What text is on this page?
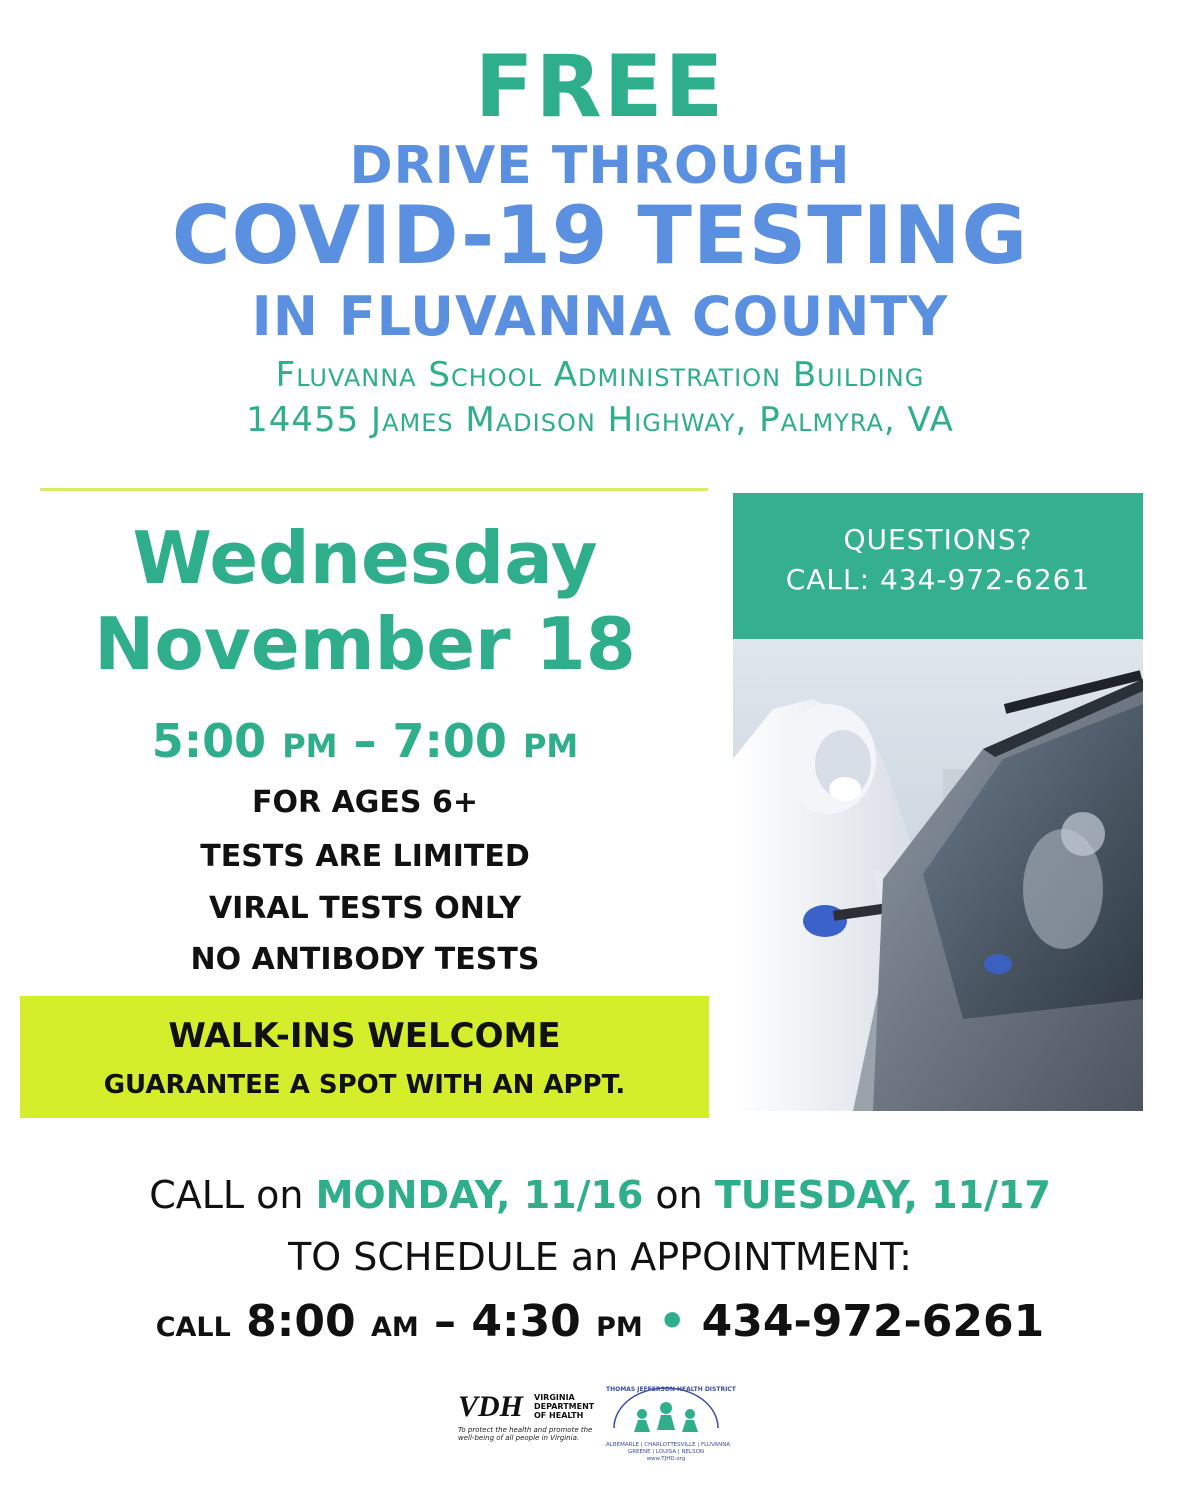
FREE
DRIVE THROUGH
COVID-19 TESTING
IN FLUVANNA COUNTY
Fluvanna School Administration Building
14455 James Madison Highway, Palmyra, VA
Wednesday
November 18
5:00 pm – 7:00 pm
FOR AGES 6+
TESTS ARE LIMITED
VIRAL TESTS ONLY
NO ANTIBODY TESTS
WALK-INS WELCOME
GUARANTEE A SPOT WITH AN APPT.
QUESTIONS?
CALL: 434-972-6261
CALL on MONDAY, 11/16 on TUESDAY, 11/17
TO SCHEDULE an APPOINTMENT:
call 8:00 am – 4:30 pm • 434-972-6261
VDH VIRGINIA
DEPARTMENT
OF HEALTH
To protect the health and promote the
well-being of all people in Virginia.
THOMAS JEFFERSON HEALTH DISTRICT
ALBEMARLE | CHARLOTTESVILLE | FLUVANNA
GREENE | LOUISA | NELSON
www.TJHD.org
